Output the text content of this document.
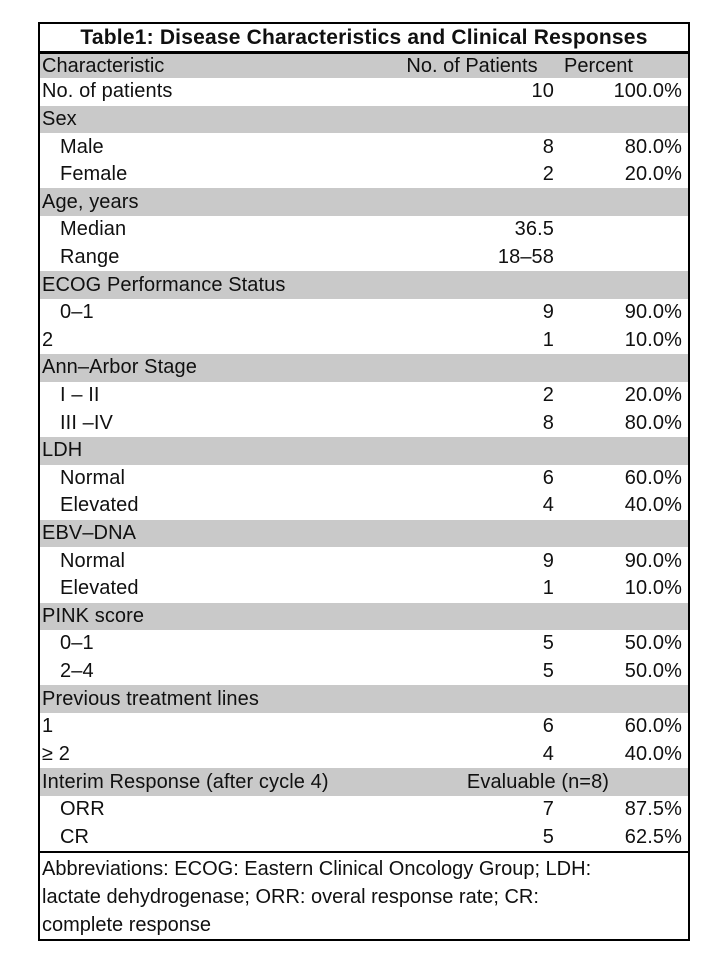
Table1: Disease Characteristics and Clinical Responses
Characteristic	No. of Patients	Percent
No. of patients	10	100.0%
Sex
Male	8	80.0%
Female	2	20.0%
Age, years
Median	36.5
Range	18–58
ECOG Performance Status
0–1	9	90.0%
2	1	10.0%
Ann–Arbor Stage
I – II	2	20.0%
III –IV	8	80.0%
LDH
Normal	6	60.0%
Elevated	4	40.0%
EBV–DNA
Normal	9	90.0%
Elevated	1	10.0%
PINK score
0–1	5	50.0%
2–4	5	50.0%
Previous treatment lines
1	6	60.0%
≥ 2	4	40.0%
Interim Response (after cycle 4)	Evaluable (n=8)
ORR	7	87.5%
CR	5	62.5%
Abbreviations: ECOG: Eastern Clinical Oncology Group; LDH:
lactate dehydrogenase; ORR: overal response rate; CR:
complete response
